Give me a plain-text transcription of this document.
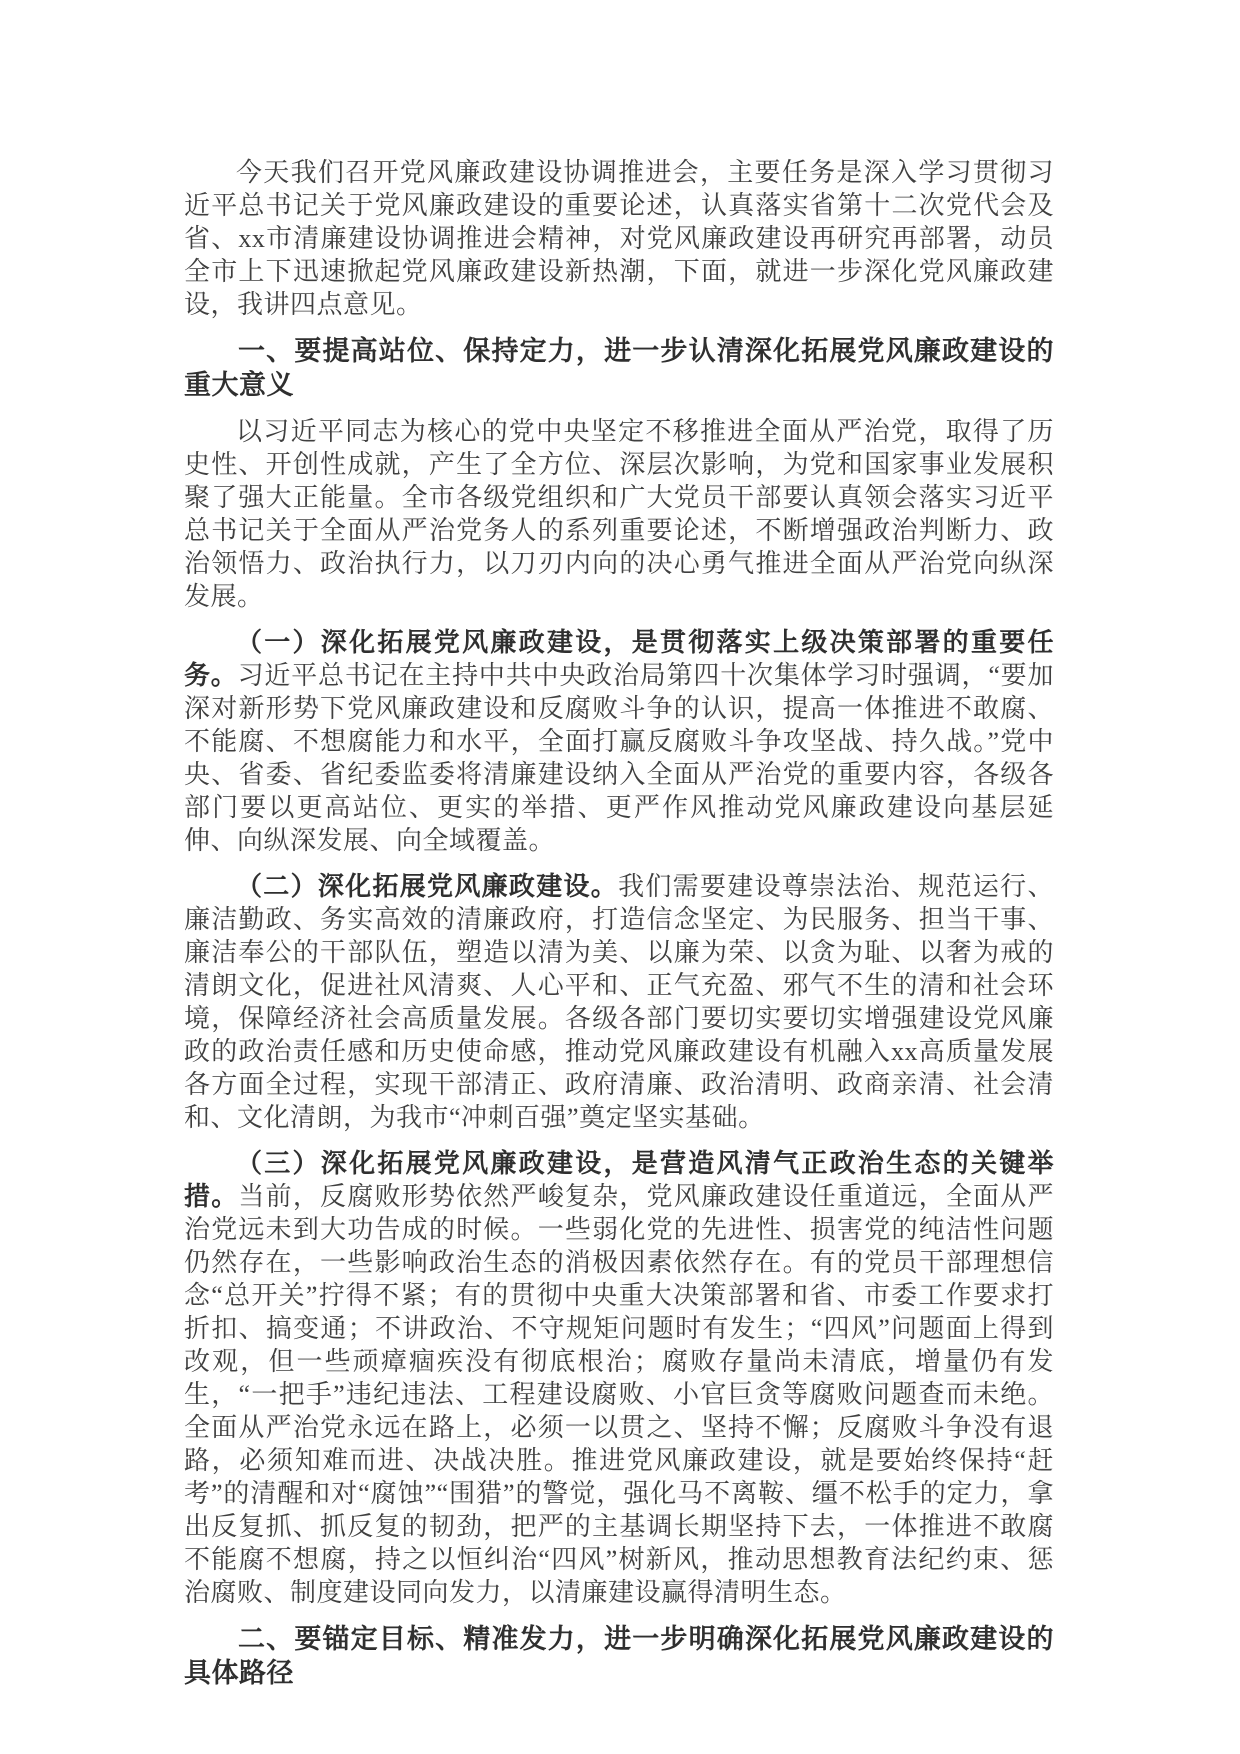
今天我们召开党风廉政建设协调推进会，主要任务是深入学习贯彻习近平总书记关于党风廉政建设的重要论述，认真落实省第十二次党代会及省、xx市清廉建设协调推进会精神，对党风廉政建设再研究再部署，动员全市上下迅速掀起党风廉政建设新热潮，下面，就进一步深化党风廉政建设，我讲四点意见。

一、要提高站位、保持定力，进一步认清深化拓展党风廉政建设的重大意义

以习近平同志为核心的党中央坚定不移推进全面从严治党，取得了历史性、开创性成就，产生了全方位、深层次影响，为党和国家事业发展积聚了强大正能量。全市各级党组织和广大党员干部要认真领会落实习近平总书记关于全面从严治党务人的系列重要论述，不断增强政治判断力、政治领悟力、政治执行力，以刀刃内向的决心勇气推进全面从严治党向纵深发展。

（一）深化拓展党风廉政建设，是贯彻落实上级决策部署的重要任务。习近平总书记在主持中共中央政治局第四十次集体学习时强调，“要加深对新形势下党风廉政建设和反腐败斗争的认识，提高一体推进不敢腐、不能腐、不想腐能力和水平，全面打赢反腐败斗争攻坚战、持久战。”党中央、省委、省纪委监委将清廉建设纳入全面从严治党的重要内容，各级各部门要以更高站位、更实的举措、更严作风推动党风廉政建设向基层延伸、向纵深发展、向全域覆盖。

（二）深化拓展党风廉政建设。我们需要建设尊崇法治、规范运行、廉洁勤政、务实高效的清廉政府，打造信念坚定、为民服务、担当干事、廉洁奉公的干部队伍，塑造以清为美、以廉为荣、以贪为耻、以奢为戒的清朗文化，促进社风清爽、人心平和、正气充盈、邪气不生的清和社会环境，保障经济社会高质量发展。各级各部门要切实要切实增强建设党风廉政的政治责任感和历史使命感，推动党风廉政建设有机融入xx高质量发展各方面全过程，实现干部清正、政府清廉、政治清明、政商亲清、社会清和、文化清朗，为我市“冲刺百强”奠定坚实基础。

（三）深化拓展党风廉政建设，是营造风清气正政治生态的关键举措。当前，反腐败形势依然严峻复杂，党风廉政建设任重道远，全面从严治党远未到大功告成的时候。一些弱化党的先进性、损害党的纯洁性问题仍然存在，一些影响政治生态的消极因素依然存在。有的党员干部理想信念“总开关”拧得不紧；有的贯彻中央重大决策部署和省、市委工作要求打折扣、搞变通；不讲政治、不守规矩问题时有发生；“四风”问题面上得到改观，但一些顽瘴痼疾没有彻底根治；腐败存量尚未清底，增量仍有发生，“一把手”违纪违法、工程建设腐败、小官巨贪等腐败问题查而未绝。全面从严治党永远在路上，必须一以贯之、坚持不懈；反腐败斗争没有退路，必须知难而进、决战决胜。推进党风廉政建设，就是要始终保持“赶考”的清醒和对“腐蚀”“围猎”的警觉，强化马不离鞍、缰不松手的定力，拿出反复抓、抓反复的韧劲，把严的主基调长期坚持下去，一体推进不敢腐不能腐不想腐，持之以恒纠治“四风”树新风，推动思想教育法纪约束、惩治腐败、制度建设同向发力，以清廉建设赢得清明生态。

二、要锚定目标、精准发力，进一步明确深化拓展党风廉政建设的具体路径
